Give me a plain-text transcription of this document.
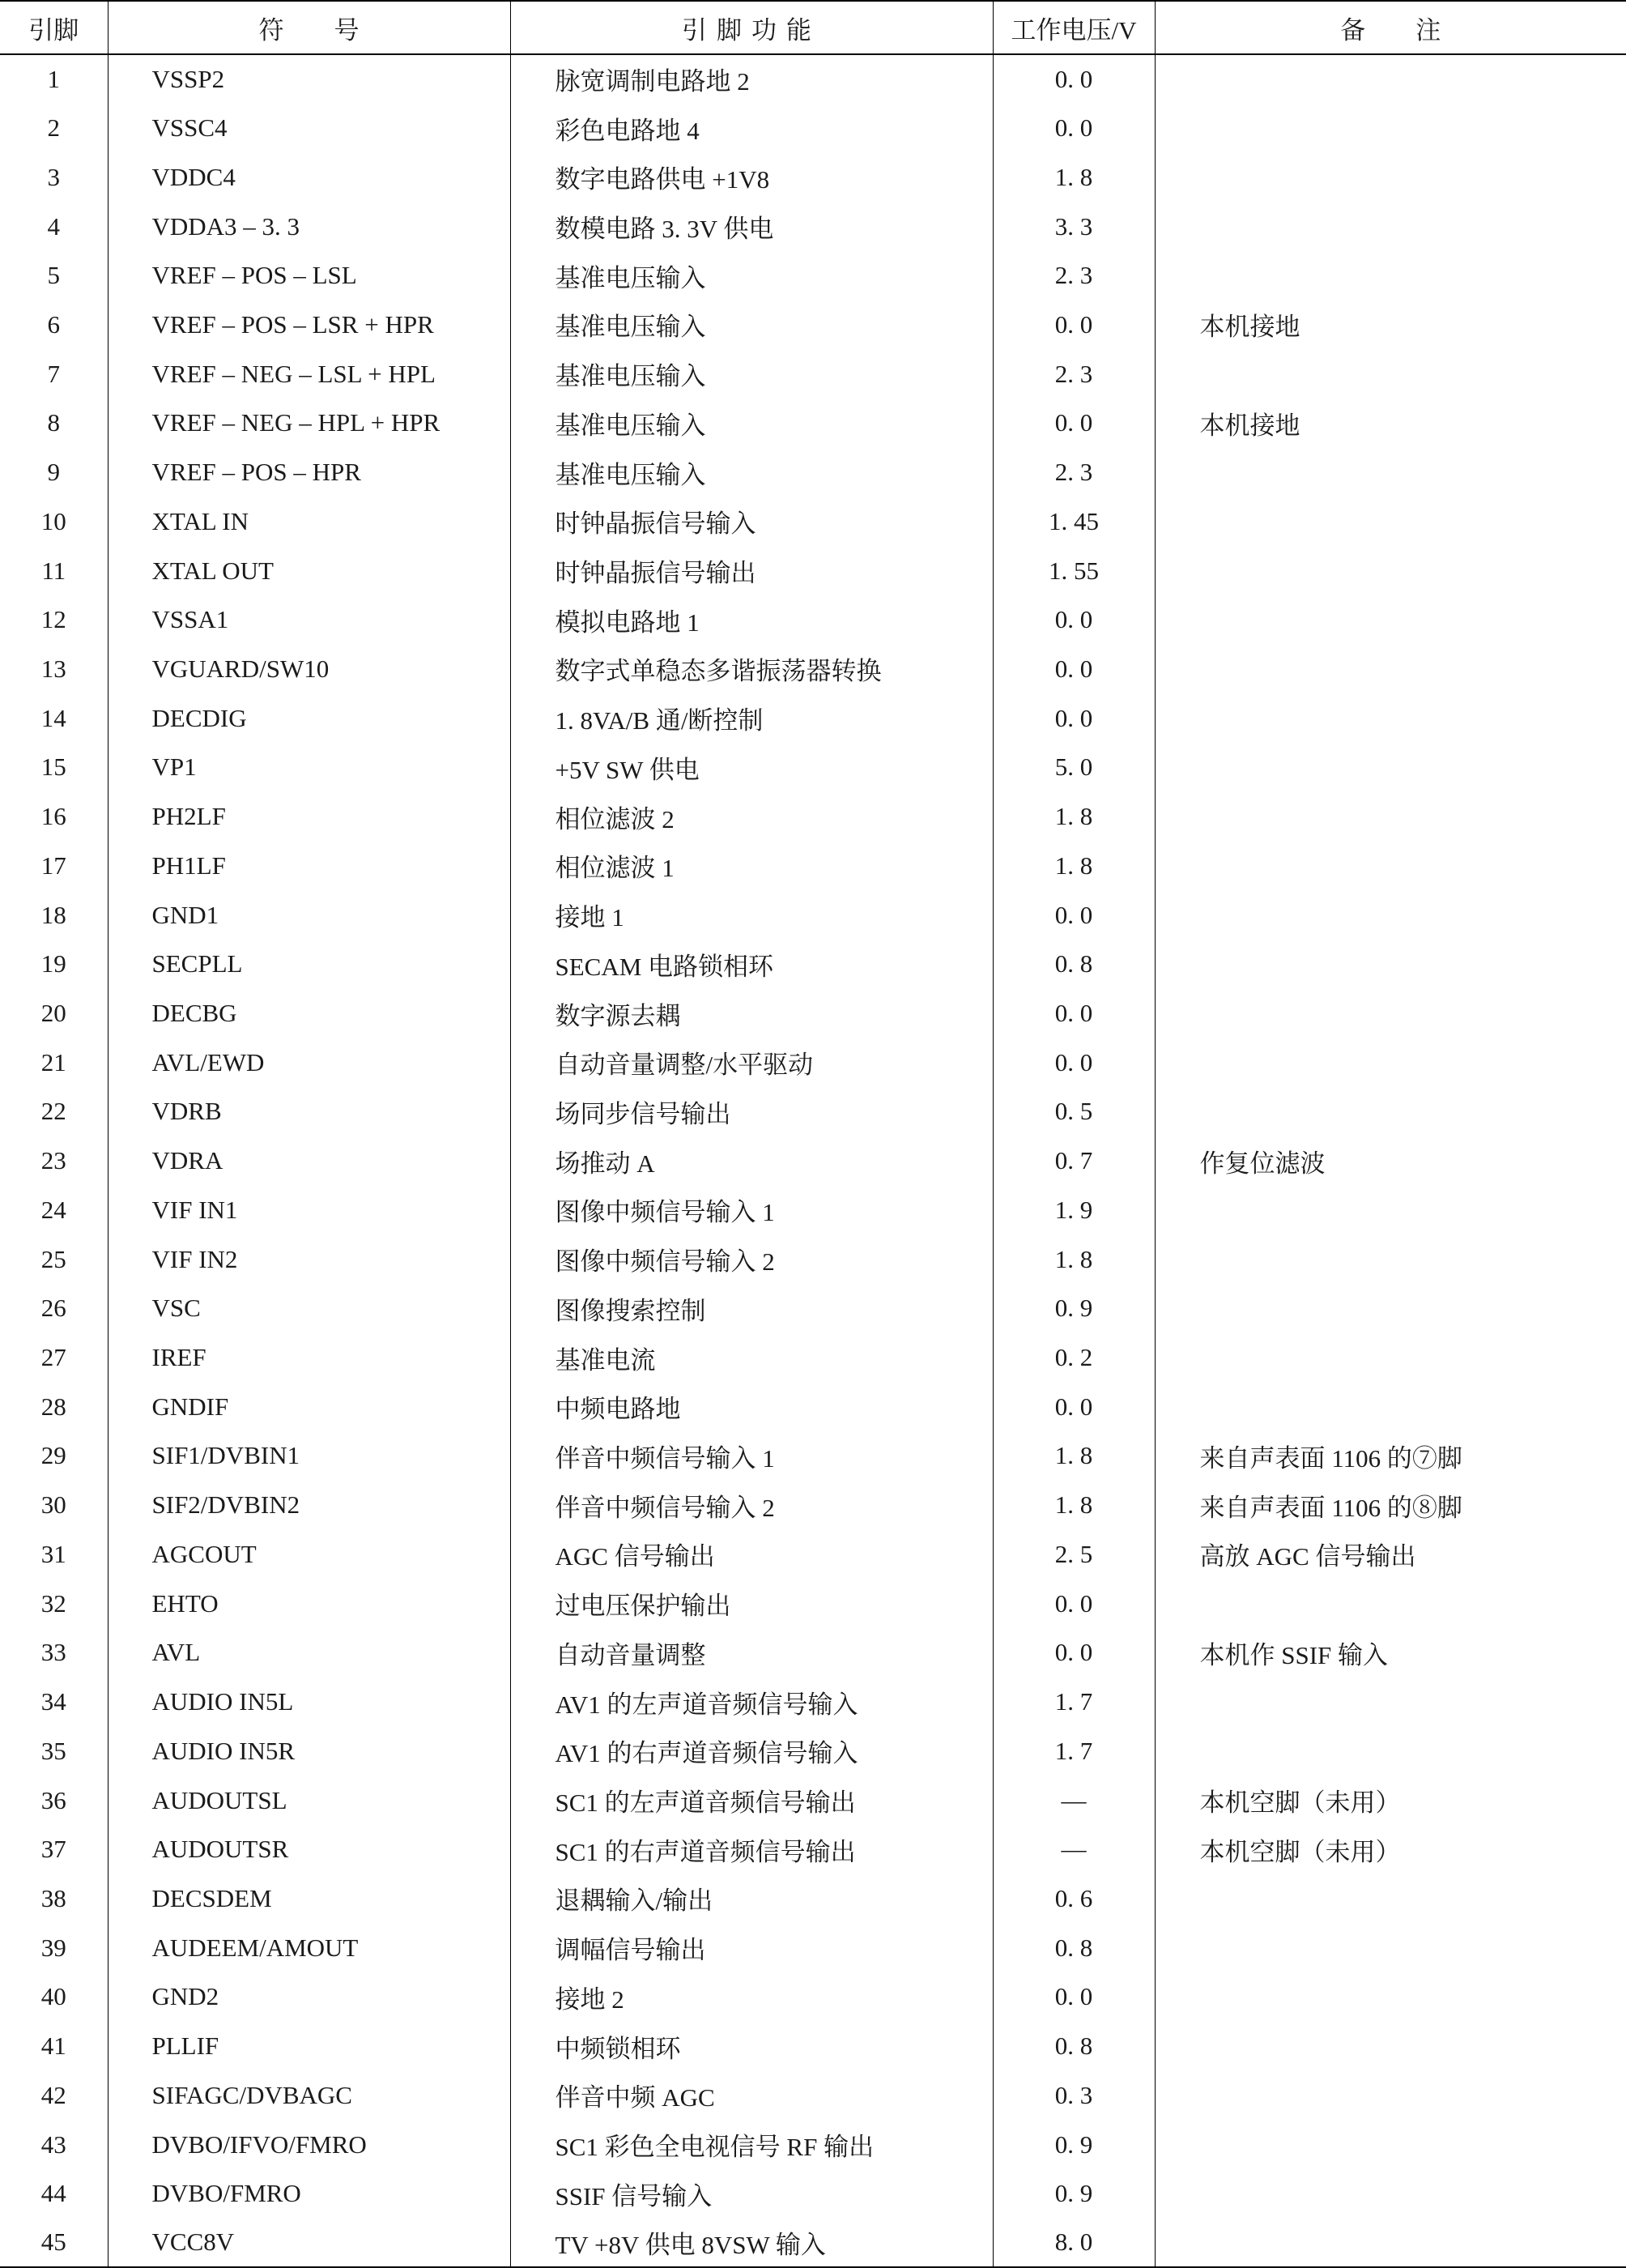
引脚	符　　号	引脚功能	工作电压/V	备　　注
1	VSSP2	脉宽调制电路地 2	0. 0	
2	VSSC4	彩色电路地 4	0. 0	
3	VDDC4	数字电路供电 +1V8	1. 8	
4	VDDA3 – 3. 3	数模电路 3. 3V 供电	3. 3	
5	VREF – POS – LSL	基准电压输入	2. 3	
6	VREF – POS – LSR + HPR	基准电压输入	0. 0	本机接地
7	VREF – NEG – LSL + HPL	基准电压输入	2. 3	
8	VREF – NEG – HPL + HPR	基准电压输入	0. 0	本机接地
9	VREF – POS – HPR	基准电压输入	2. 3	
10	XTAL IN	时钟晶振信号输入	1. 45	
11	XTAL OUT	时钟晶振信号输出	1. 55	
12	VSSA1	模拟电路地 1	0. 0	
13	VGUARD/SW10	数字式单稳态多谐振荡器转换	0. 0	
14	DECDIG	1. 8VA/B 通/断控制	0. 0	
15	VP1	+5V SW 供电	5. 0	
16	PH2LF	相位滤波 2	1. 8	
17	PH1LF	相位滤波 1	1. 8	
18	GND1	接地 1	0. 0	
19	SECPLL	SECAM 电路锁相环	0. 8	
20	DECBG	数字源去耦	0. 0	
21	AVL/EWD	自动音量调整/水平驱动	0. 0	
22	VDRB	场同步信号输出	0. 5	
23	VDRA	场推动 A	0. 7	作复位滤波
24	VIF IN1	图像中频信号输入 1	1. 9	
25	VIF IN2	图像中频信号输入 2	1. 8	
26	VSC	图像搜索控制	0. 9	
27	IREF	基准电流	0. 2	
28	GNDIF	中频电路地	0. 0	
29	SIF1/DVBIN1	伴音中频信号输入 1	1. 8	来自声表面 1106 的⑦脚
30	SIF2/DVBIN2	伴音中频信号输入 2	1. 8	来自声表面 1106 的⑧脚
31	AGCOUT	AGC 信号输出	2. 5	高放 AGC 信号输出
32	EHTO	过电压保护输出	0. 0	
33	AVL	自动音量调整	0. 0	本机作 SSIF 输入
34	AUDIO IN5L	AV1 的左声道音频信号输入	1. 7	
35	AUDIO IN5R	AV1 的右声道音频信号输入	1. 7	
36	AUDOUTSL	SC1 的左声道音频信号输出	—	本机空脚（未用）
37	AUDOUTSR	SC1 的右声道音频信号输出	—	本机空脚（未用）
38	DECSDEM	退耦输入/输出	0. 6	
39	AUDEEM/AMOUT	调幅信号输出	0. 8	
40	GND2	接地 2	0. 0	
41	PLLIF	中频锁相环	0. 8	
42	SIFAGC/DVBAGC	伴音中频 AGC	0. 3	
43	DVBO/IFVO/FMRO	SC1 彩色全电视信号 RF 输出	0. 9	
44	DVBO/FMRO	SSIF 信号输入	0. 9	
45	VCC8V	TV +8V 供电 8VSW 输入	8. 0	
